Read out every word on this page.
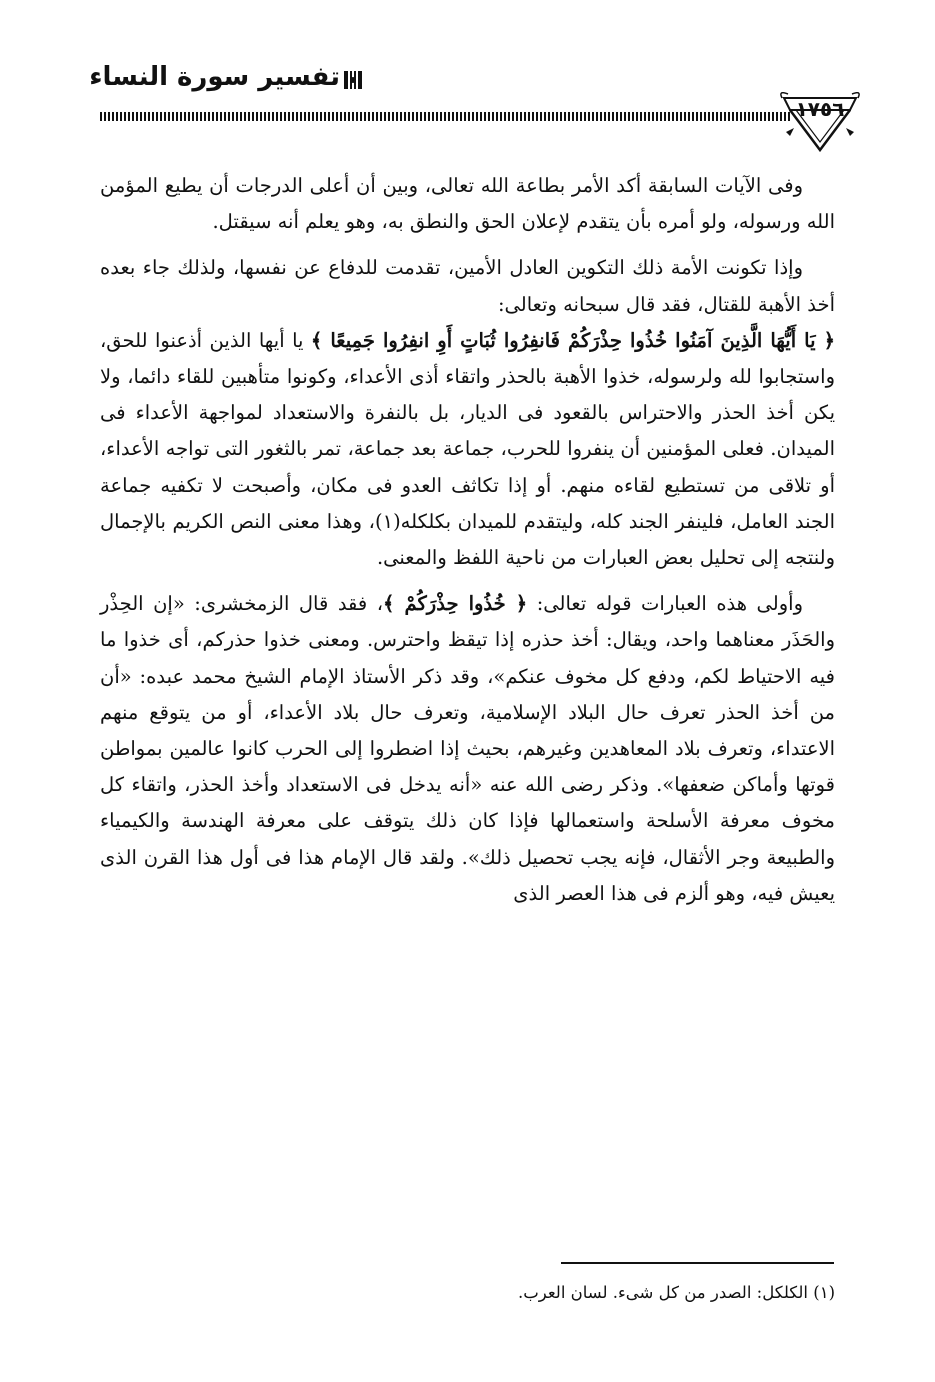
تفسير سورة النساء
١٧٥٦

وفى الآيات السابقة أكد الأمر بطاعة الله تعالى، وبين أن أعلى الدرجات أن يطيع المؤمن الله ورسوله، ولو أمره بأن يتقدم لإعلان الحق والنطق به، وهو يعلم أنه سيقتل.

وإذا تكونت الأمة ذلك التكوين العادل الأمين، تقدمت للدفاع عن نفسها، ولذلك جاء بعده أخذ الأهبة للقتال، فقد قال سبحانه وتعالى:

﴿ يَا أَيُّهَا الَّذِينَ آمَنُوا خُذُوا حِذْرَكُمْ فَانفِرُوا ثُبَاتٍ أَوِ انفِرُوا جَمِيعًا ﴾ يا أيها الذين أذعنوا للحق، واستجابوا لله ولرسوله، خذوا الأهبة بالحذر واتقاء أذى الأعداء، وكونوا متأهبين للقاء دائما، ولا يكن أخذ الحذر والاحتراس بالقعود فى الديار، بل بالنفرة والاستعداد لمواجهة الأعداء فى الميدان. فعلى المؤمنين أن ينفروا للحرب، جماعة بعد جماعة، تمر بالثغور التى تواجه الأعداء، أو تلاقى من تستطيع لقاءه منهم. أو إذا تكاثف العدو فى مكان، وأصبحت لا تكفيه جماعة الجند العامل، فلينفر الجند كله، وليتقدم للميدان بكلكله(١)، وهذا معنى النص الكريم بالإجمال ولنتجه إلى تحليل بعض العبارات من ناحية اللفظ والمعنى.

وأولى هذه العبارات قوله تعالى: ﴿ خُذُوا حِذْرَكُمْ ﴾، فقد قال الزمخشرى: «إن الحِذْر والحَذَر معناهما واحد، ويقال: أخذ حذره إذا تيقظ واحترس. ومعنى خذوا حذركم، أى خذوا ما فيه الاحتياط لكم، ودفع كل مخوف عنكم»، وقد ذكر الأستاذ الإمام الشيخ محمد عبده: «أن من أخذ الحذر تعرف حال البلاد الإسلامية، وتعرف حال بلاد الأعداء، أو من يتوقع منهم الاعتداء، وتعرف بلاد المعاهدين وغيرهم، بحيث إذا اضطروا إلى الحرب كانوا عالمين بمواطن قوتها وأماكن ضعفها». وذكر رضى الله عنه «أنه يدخل فى الاستعداد وأخذ الحذر، واتقاء كل مخوف معرفة الأسلحة واستعمالها فإذا كان ذلك يتوقف على معرفة الهندسة والكيمياء والطبيعة وجر الأثقال، فإنه يجب تحصيل ذلك». ولقد قال الإمام هذا فى أول هذا القرن الذى يعيش فيه، وهو ألزم فى هذا العصر الذى

(١) الكلكل: الصدر من كل شىء. لسان العرب.
